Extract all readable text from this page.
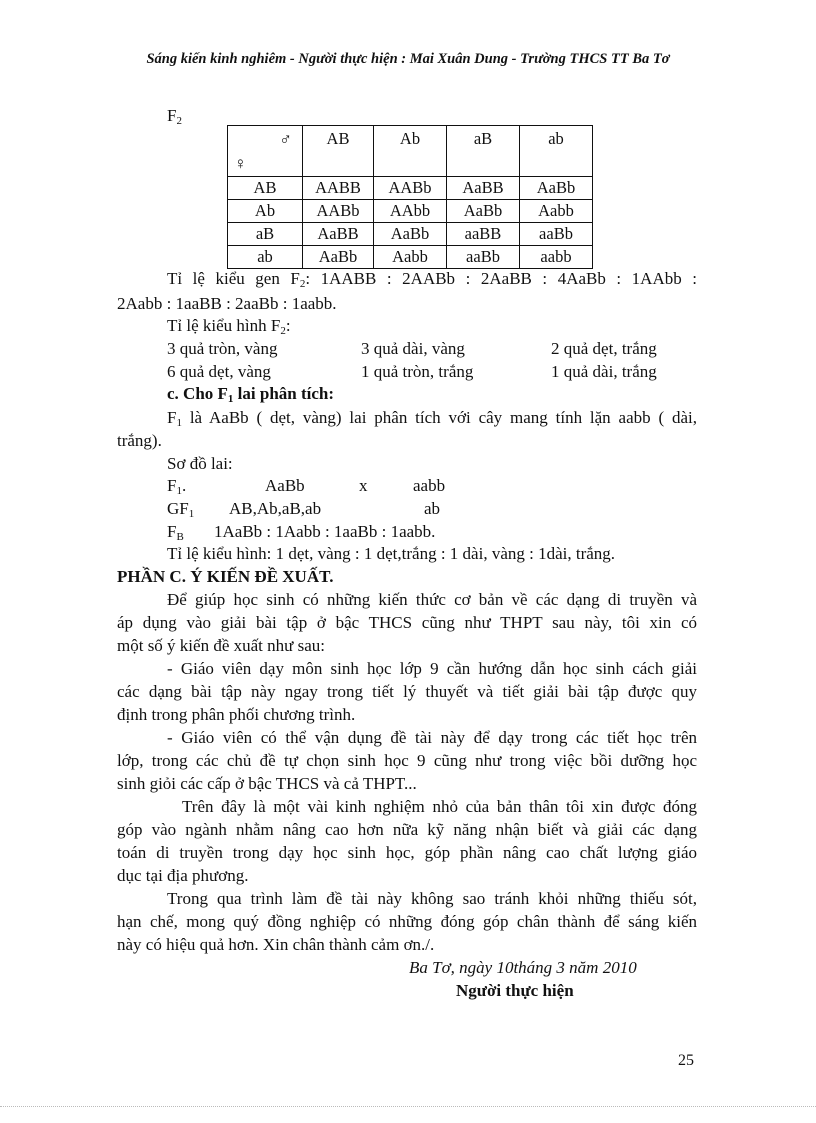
Sáng kiến kinh nghiêm - Người thực hiện : Mai Xuân Dung - Trường THCS TT Ba Tơ
$F_2$
♂
♀	AB	Ab	aB	ab
AB	AABB	AABb	AaBB	AaBb
Ab	AABb	AAbb	AaBb	Aabb
aB	AaBB	AaBb	aaBB	aaBb
ab	AaBb	Aabb	aaBb	aabb
Tỉ lệ kiểu gen $F_2$: 1AABB : 2AABb : 2AaBB : 4AaBb : 1AAbb :
2Aabb : 1aaBB : 2aaBb : 1aabb.
Tỉ lệ kiểu hình $F_2$:
3 quả tròn, vàng	3 quả dài, vàng	2 quả dẹt, trắng
6 quả dẹt, vàng	1 quả tròn, trắng	1 quả dài, trắng
c. Cho $F_1$ lai phân tích:
$F_1$ là AaBb ( dẹt, vàng) lai phân tích với cây mang tính lặn aabb ( dài,
trắng).
Sơ đồ lai:
$F_1$.	AaBb	x	aabb
$GF_1$ AB,Ab,aB,ab	ab
$F_B$ 1AaBb : 1Aabb : 1aaBb : 1aabb.
Tỉ lệ kiểu hình: 1 dẹt, vàng : 1 dẹt,trắng : 1 dài, vàng : 1dài, trắng.
PHẦN C. Ý KIẾN ĐỀ XUẤT.
Để giúp học sinh có những kiến thức cơ bản về các dạng di truyền và
áp dụng vào giải bài tập ở bậc THCS cũng như THPT sau này, tôi xin có
một số ý kiến đề xuất như sau:
- Giáo viên dạy môn sinh học lớp 9 cần hướng dẫn học sinh cách giải
các dạng bài tập này ngay trong tiết lý thuyết và tiết giải bài tập được quy
định trong phân phối chương trình.
- Giáo viên có thể vận dụng đề tài này để dạy trong các tiết học trên
lớp, trong các chủ đề tự chọn sinh học 9 cũng như trong việc bồi dưỡng học
sinh giỏi các cấp ở bậc THCS và cả THPT...
Trên đây là một vài kinh nghiệm nhỏ của bản thân tôi xin được đóng
góp vào ngành nhằm nâng cao hơn nữa kỹ năng nhận biết và giải các dạng
toán di truyền trong dạy học sinh học, góp phần nâng cao chất lượng giáo
dục tại địa phương.
Trong qua trình làm đề tài này không sao tránh khỏi những thiếu sót,
hạn chế, mong quý đồng nghiệp có những đóng góp chân thành để sáng kiến
này có hiệu quả hơn. Xin chân thành cảm ơn./.
Ba Tơ, ngày 10tháng 3 năm 2010
Người thực hiện
25
